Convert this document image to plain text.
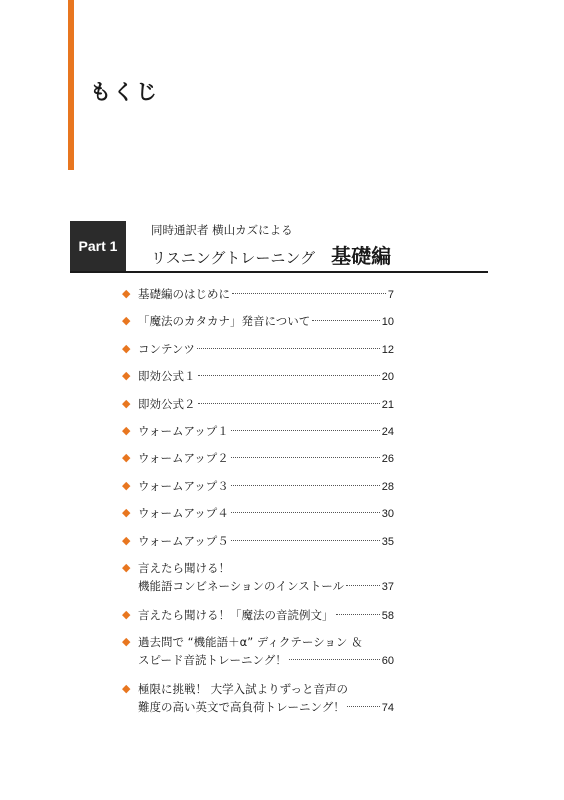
もくじ
Part 1
同時通訳者 横山カズによる
リスニングトレーニング 基礎編
◆ 基礎編のはじめに	7
◆ 「魔法のカタカナ」発音について	10
◆ コンテンツ	12
◆ 即効公式１	20
◆ 即効公式２	21
◆ ウォームアップ１	24
◆ ウォームアップ２	26
◆ ウォームアップ３	28
◆ ウォームアップ４	30
◆ ウォームアップ５	35
◆ 言えたら聞ける！
機能語コンビネーションのインストール	37
◆ 言えたら聞ける！「魔法の音読例文」	58
◆ 過去問で “機能語＋α” ディクテーション ＆
スピード音読トレーニング！	60
◆ 極限に挑戦！ 大学入試よりずっと音声の
難度の高い英文で高負荷トレーニング！	74
